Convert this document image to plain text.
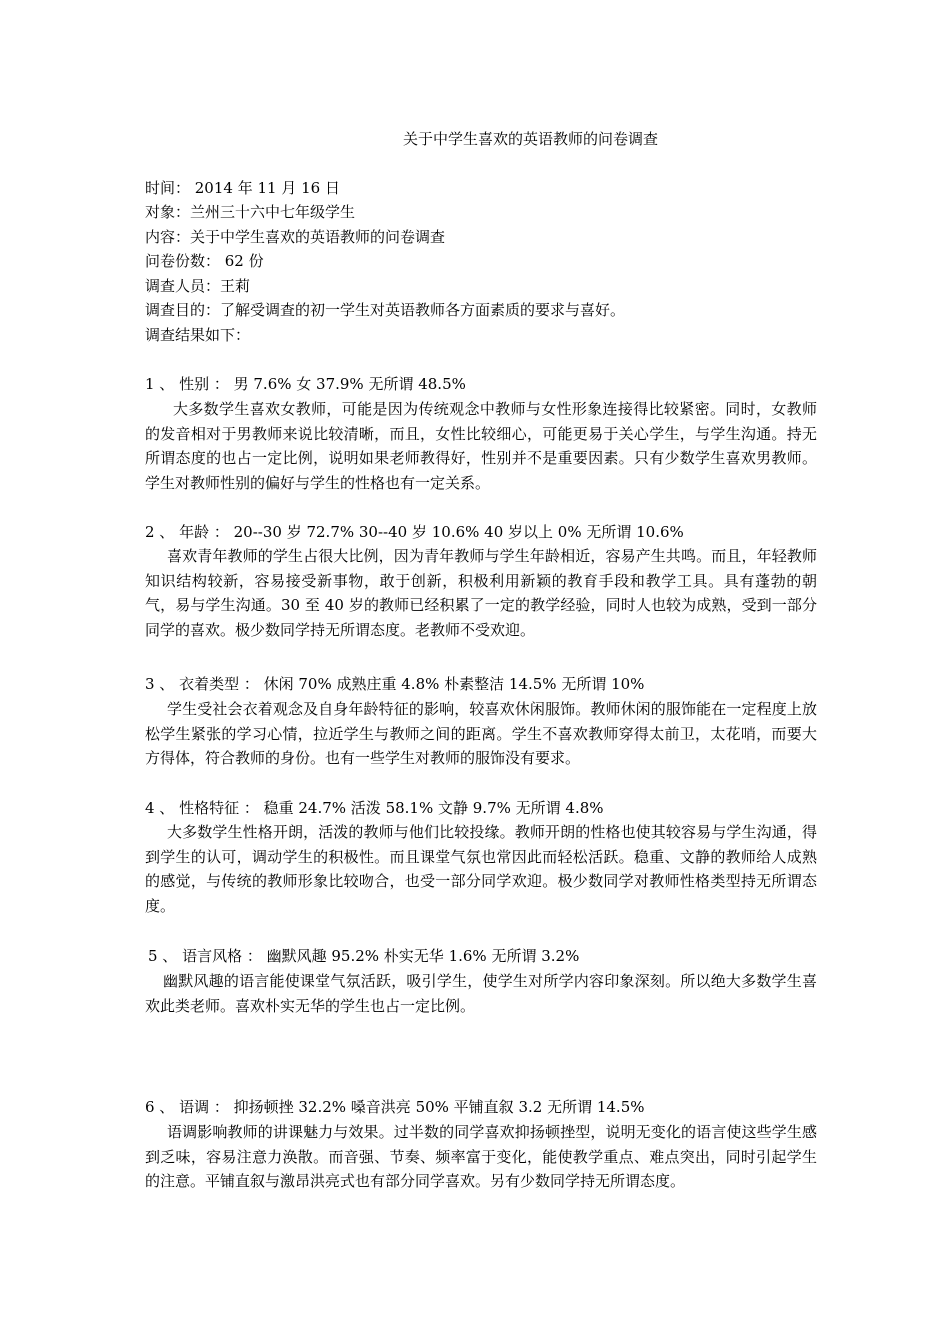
关于中学生喜欢的英语教师的问卷调查
时间： 2014 年 11 月 16 日
对象：兰州三十六中七年级学生
内容：关于中学生喜欢的英语教师的问卷调查
问卷份数： 62 份
调查人员：王莉
调查目的：了解受调查的初一学生对英语教师各方面素质的要求与喜好。
调查结果如下：
1 、 性别 ： 男 7.6% 女 37.9% 无所谓 48.5%
大多数学生喜欢女教师，可能是因为传统观念中教师与女性形象连接得比较紧密。同时，女教师的发音相对于男教师来说比较清晰，而且，女性比较细心，可能更易于关心学生，与学生沟通。持无所谓态度的也占一定比例，说明如果老师教得好，性别并不是重要因素。只有少数学生喜欢男教师。学生对教师性别的偏好与学生的性格也有一定关系。
2 、 年龄 ： 20--30 岁 72.7% 30--40 岁 10.6% 40 岁以上 0% 无所谓 10.6%
喜欢青年教师的学生占很大比例，因为青年教师与学生年龄相近，容易产生共鸣。而且，年轻教师知识结构较新，容易接受新事物，敢于创新，积极利用新颖的教育手段和教学工具。具有蓬勃的朝气，易与学生沟通。30 至 40 岁的教师已经积累了一定的教学经验，同时人也较为成熟，受到一部分同学的喜欢。极少数同学持无所谓态度。老教师不受欢迎。
3 、 衣着类型 ： 休闲 70% 成熟庄重 4.8% 朴素整洁 14.5% 无所谓 10%
学生受社会衣着观念及自身年龄特征的影响，较喜欢休闲服饰。教师休闲的服饰能在一定程度上放松学生紧张的学习心情，拉近学生与教师之间的距离。学生不喜欢教师穿得太前卫，太花哨，而要大方得体，符合教师的身份。也有一些学生对教师的服饰没有要求。
4 、 性格特征 ： 稳重 24.7% 活泼 58.1% 文静 9.7% 无所谓 4.8%
大多数学生性格开朗，活泼的教师与他们比较投缘。教师开朗的性格也使其较容易与学生沟通，得到学生的认可，调动学生的积极性。而且课堂气氛也常因此而轻松活跃。稳重、文静的教师给人成熟的感觉，与传统的教师形象比较吻合，也受一部分同学欢迎。极少数同学对教师性格类型持无所谓态度。
5 、 语言风格 ： 幽默风趣 95.2% 朴实无华 1.6% 无所谓 3.2%
幽默风趣的语言能使课堂气氛活跃，吸引学生，使学生对所学内容印象深刻。所以绝大多数学生喜欢此类老师。喜欢朴实无华的学生也占一定比例。
6 、 语调 ： 抑扬顿挫 32.2% 嗓音洪亮 50% 平铺直叙 3.2 无所谓 14.5%
语调影响教师的讲课魅力与效果。过半数的同学喜欢抑扬顿挫型，说明无变化的语言使这些学生感到乏味，容易注意力涣散。而音强、节奏、频率富于变化，能使教学重点、难点突出，同时引起学生的注意。平铺直叙与激昂洪亮式也有部分同学喜欢。另有少数同学持无所谓态度。
